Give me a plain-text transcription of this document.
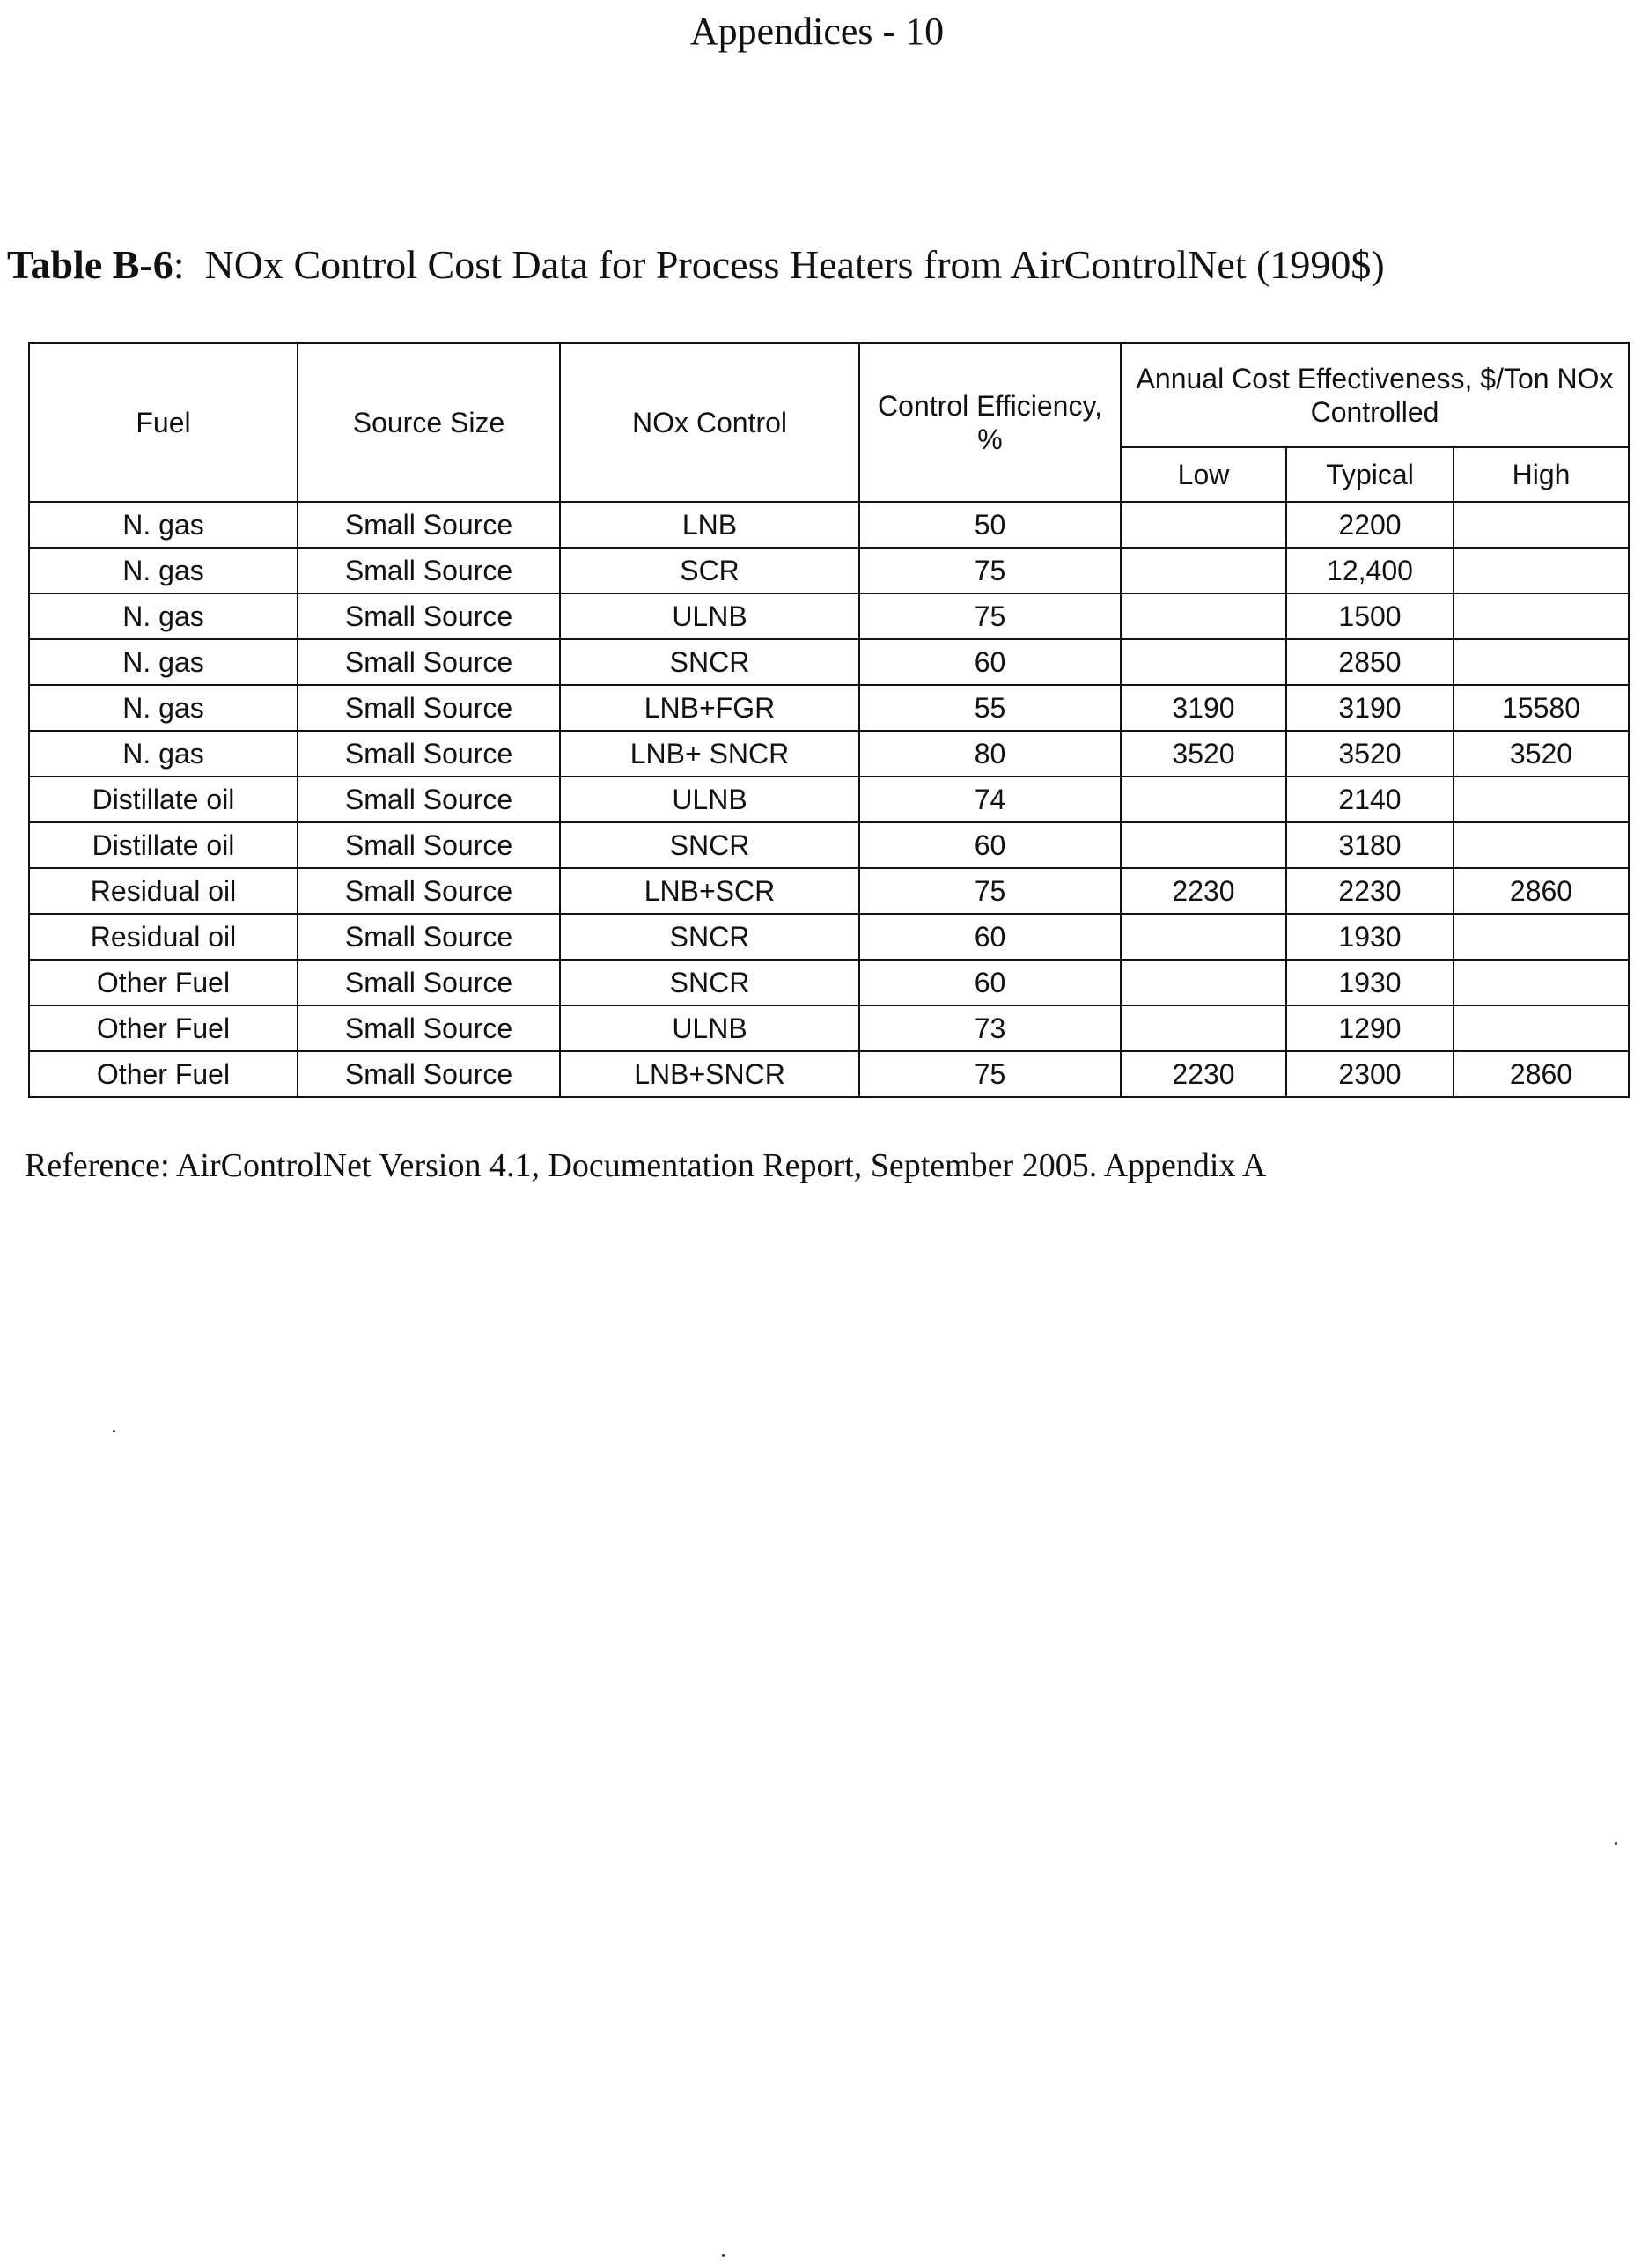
Appendices - 10
Table B-6: NOx Control Cost Data for Process Heaters from AirControlNet (1990$)
Fuel	Source Size	NOx Control	Control Efficiency, %	Annual Cost Effectiveness, $/Ton NOx Controlled		
				Low	Typical	High
N. gas	Small Source	LNB	50		2200	
N. gas	Small Source	SCR	75		12,400	
N. gas	Small Source	ULNB	75		1500	
N. gas	Small Source	SNCR	60		2850	
N. gas	Small Source	LNB+FGR	55	3190	3190	15580
N. gas	Small Source	LNB+ SNCR	80	3520	3520	3520
Distillate oil	Small Source	ULNB	74		2140	
Distillate oil	Small Source	SNCR	60		3180	
Residual oil	Small Source	LNB+SCR	75	2230	2230	2860
Residual oil	Small Source	SNCR	60		1930	
Other Fuel	Small Source	SNCR	60		1930	
Other Fuel	Small Source	ULNB	73		1290	
Other Fuel	Small Source	LNB+SNCR	75	2230	2300	2860
Reference: AirControlNet Version 4.1, Documentation Report, September 2005. Appendix A
